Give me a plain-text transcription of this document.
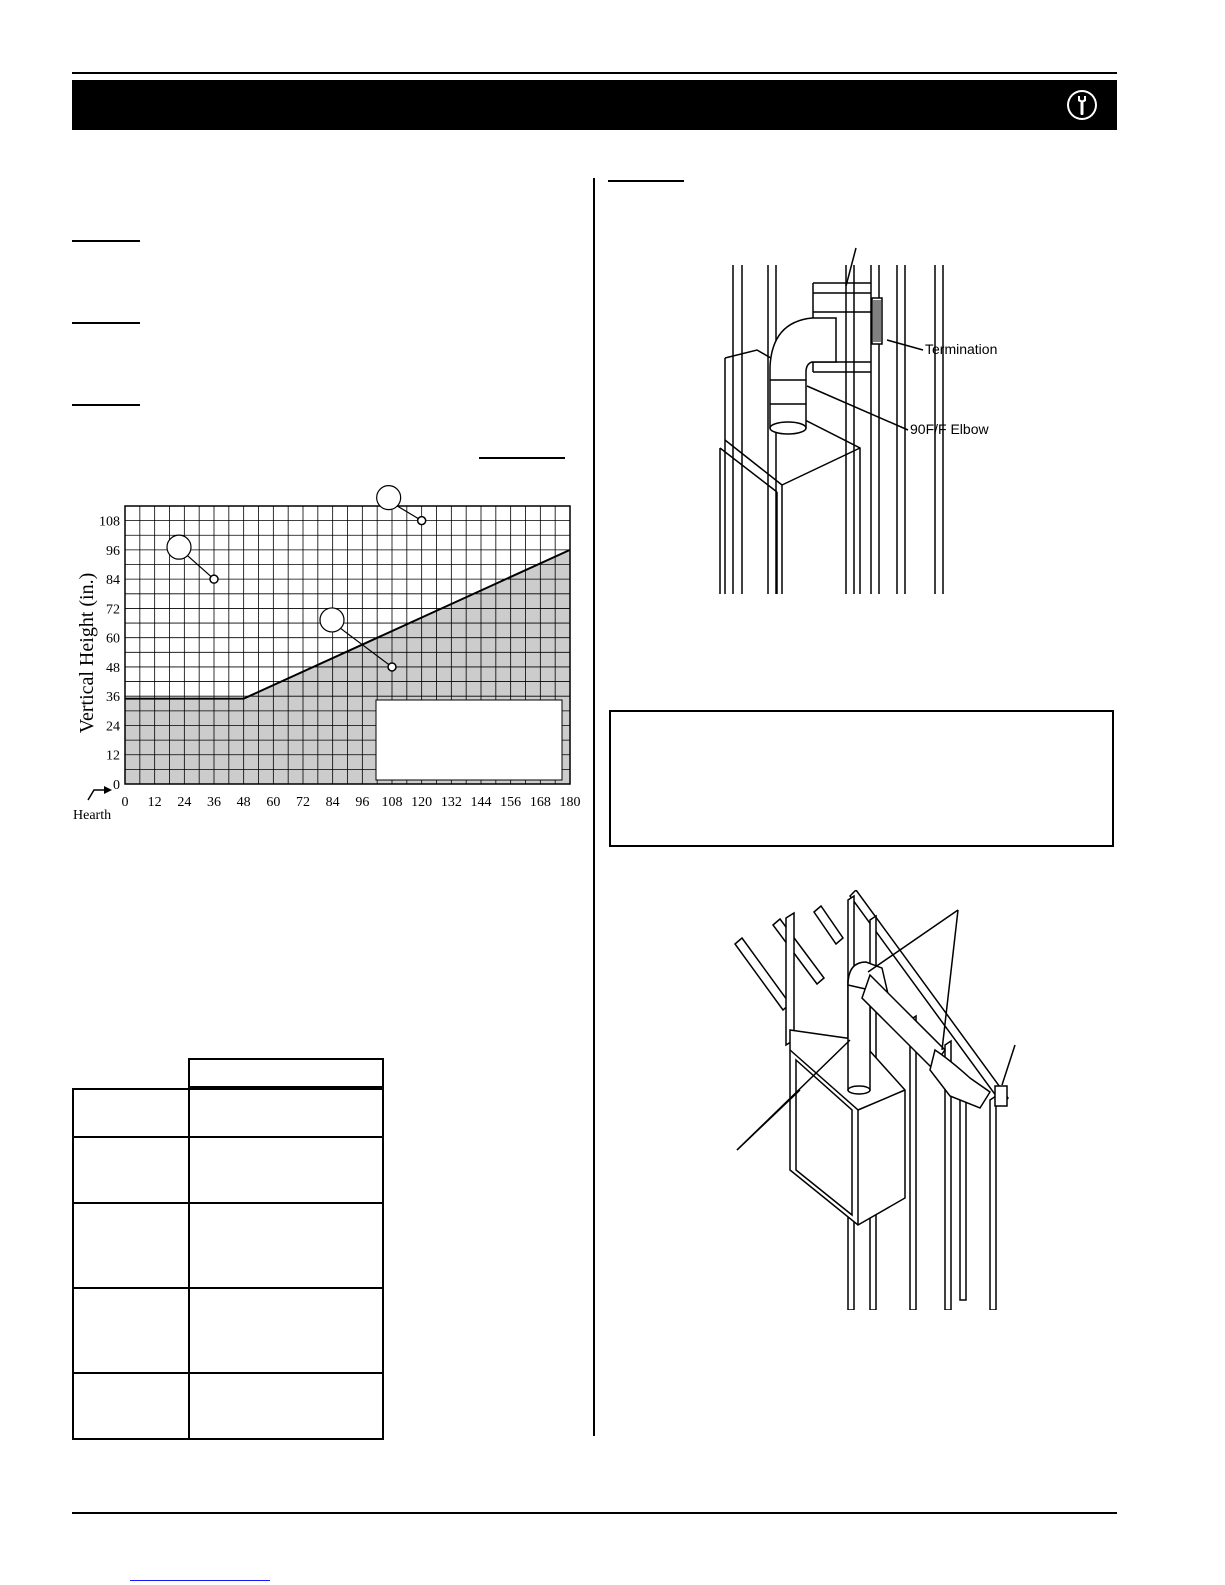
0 12 24 36 48 60 72 84 96 108 120 132 144 156 168 180
0
12
24
36
48
60
72
84
96
108
Vertical Height (in.)
Hearth
Termination
90F/F Elbow
